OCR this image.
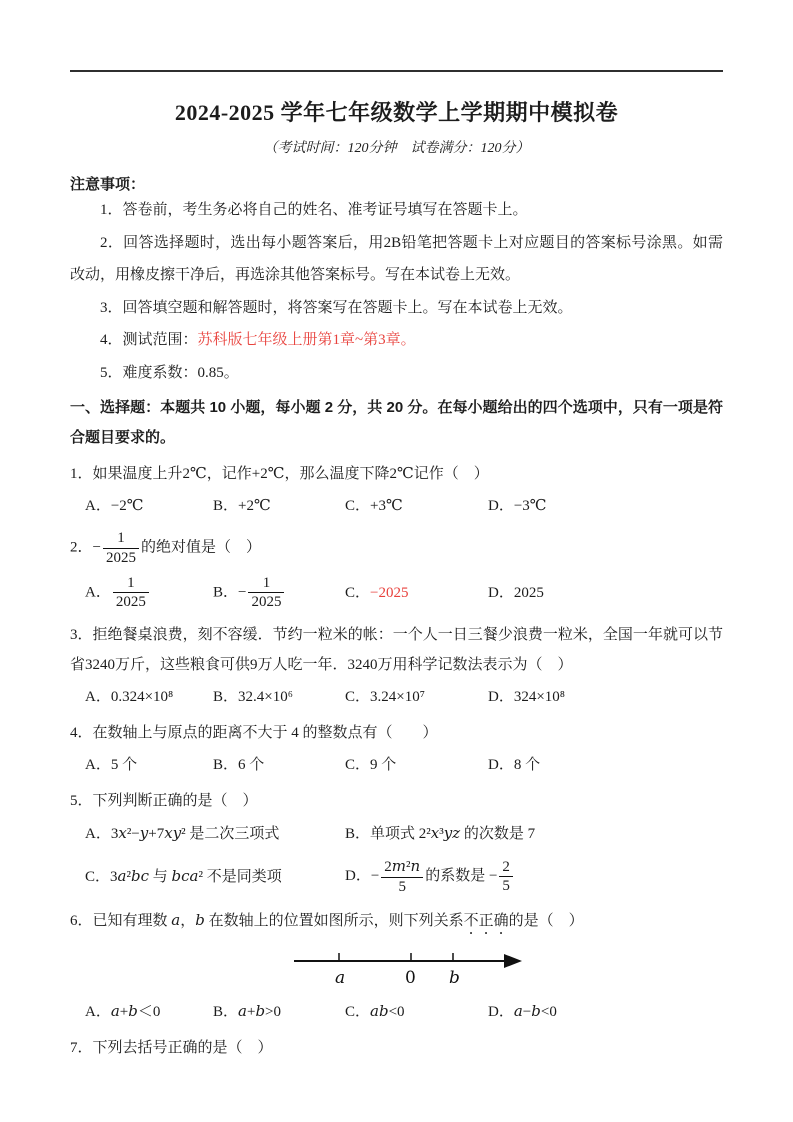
2024-2025 学年七年级数学上学期期中模拟卷
（考试时间：120分钟　试卷满分：120分）
注意事项：

1．答卷前，考生务必将自己的姓名、准考证号填写在答题卡上。

2．回答选择题时，选出每小题答案后，用2B铅笔把答题卡上对应题目的答案标号涂黑。如需改动，用橡皮擦干净后，再选涂其他答案标号。写在本试卷上无效。

3．回答填空题和解答题时，将答案写在答题卡上。写在本试卷上无效。

4．测试范围：苏科版七年级上册第1章~第3章。

5．难度系数：0.85。

一、选择题：本题共 10 小题，每小题 2 分，共 20 分。在每小题给出的四个选项中，只有一项是符合题目要求的。
1．如果温度上升2℃，记作+2℃，那么温度下降2℃记作（　）
A．−2℃	B．+2℃	C．+3℃	D．−3℃
2．− $\frac{1}{2025}$ 的绝对值是（　）
A． $\frac{1}{2025}$	B．− $\frac{1}{2025}$	C．−2025	D．2025
3．拒绝餐桌浪费，刻不容缓．节约一粒米的帐：一个人一日三餐少浪费一粒米，全国一年就可以节省3240万斤，这些粮食可供9万人吃一年．3240万用科学记数法表示为（　）
A．0.324×10⁸	B．32.4×10⁶	C．3.24×10⁷	D．324×10⁸
4．在数轴上与原点的距离不大于 4 的整数点有（　　）
A．5 个	B．6 个	C．9 个	D．8 个
5．下列判断正确的是（　）
A．3x²−y+7xy² 是二次三项式	B．单项式 2²x³yz 的次数是 7
C．3a²bc 与 bca² 不是同类项	D．− $\frac{\text{2m²n}}{5}$ 的系数是 − $\frac{2}{5}$
6．已知有理数 a，b 在数轴上的位置如图所示，则下列关系不正确的是（　）
a	0 b
A．a+b＜0	B．a+b>0	C．ab<0	D．a−b<0
7．下列去括号正确的是（　）
